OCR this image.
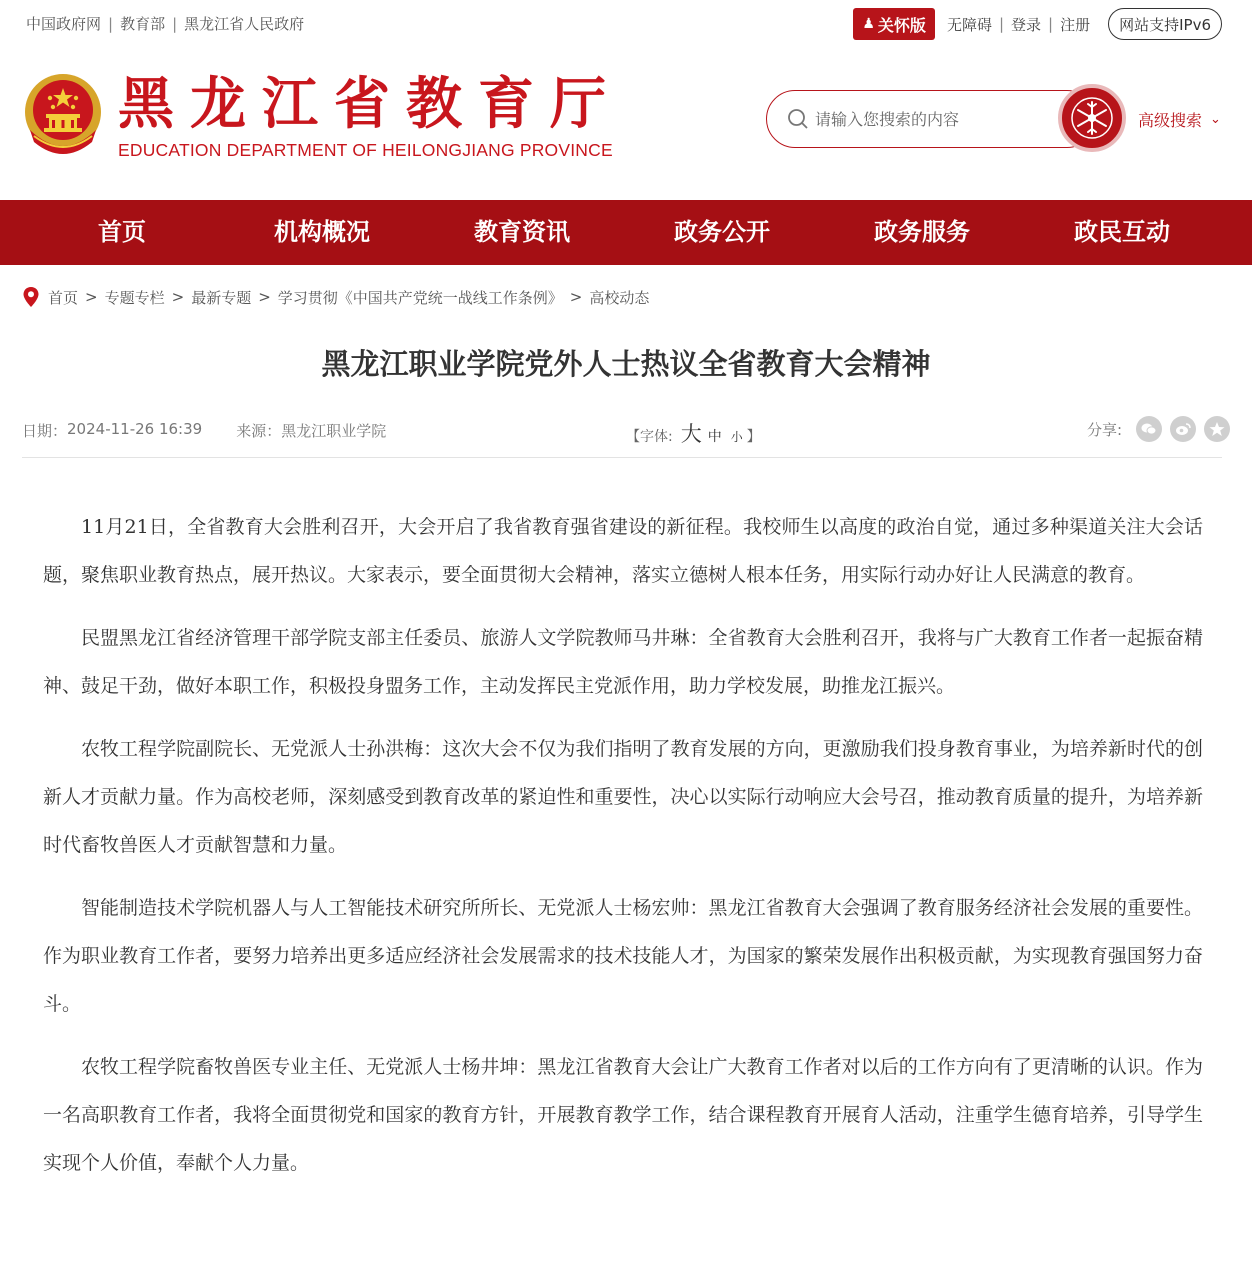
中国政府网 | 教育部 | 黑龙江省人民政府	♟ 关怀版 无障碍 | 登录 | 注册	网站支持IPv6
黑龙江省教育厅
EDUCATION DEPARTMENT OF HEILONGJIANG PROVINCE
请输入您搜索的内容
高级搜索 ⌄
首页	机构概况	教育资讯	政务公开	政务服务	政民互动
首页 > 专题专栏 > 最新专题 > 学习贯彻《中国共产党统一战线工作条例》 > 高校动态
黑龙江职业学院党外人士热议全省教育大会精神
日期： 2024-11-26 16:39 来源： 黑龙江职业学院	【字体: 大 中 小 】	分享:

11月21日，全省教育大会胜利召开，大会开启了我省教育强省建设的新征程。我校师生以高度的政治自觉，通过多种渠道关注大会话题，聚焦职业教育热点，展开热议。大家表示，要全面贯彻大会精神，落实立德树人根本任务，用实际行动办好让人民满意的教育。

民盟黑龙江省经济管理干部学院支部主任委员、旅游人文学院教师马井琳：全省教育大会胜利召开，我将与广大教育工作者一起振奋精神、鼓足干劲，做好本职工作，积极投身盟务工作，主动发挥民主党派作用，助力学校发展，助推龙江振兴。

农牧工程学院副院长、无党派人士孙洪梅：这次大会不仅为我们指明了教育发展的方向，更激励我们投身教育事业，为培养新时代的创新人才贡献力量。作为高校老师，深刻感受到教育改革的紧迫性和重要性，决心以实际行动响应大会号召，推动教育质量的提升，为培养新时代畜牧兽医人才贡献智慧和力量。

智能制造技术学院机器人与人工智能技术研究所所长、无党派人士杨宏帅：黑龙江省教育大会强调了教育服务经济社会发展的重要性。作为职业教育工作者，要努力培养出更多适应经济社会发展需求的技术技能人才，为国家的繁荣发展作出积极贡献，为实现教育强国努力奋斗。

农牧工程学院畜牧兽医专业主任、无党派人士杨井坤：黑龙江省教育大会让广大教育工作者对以后的工作方向有了更清晰的认识。作为一名高职教育工作者，我将全面贯彻党和国家的教育方针，开展教育教学工作，结合课程教育开展育人活动，注重学生德育培养，引导学生实现个人价值，奉献个人力量。
